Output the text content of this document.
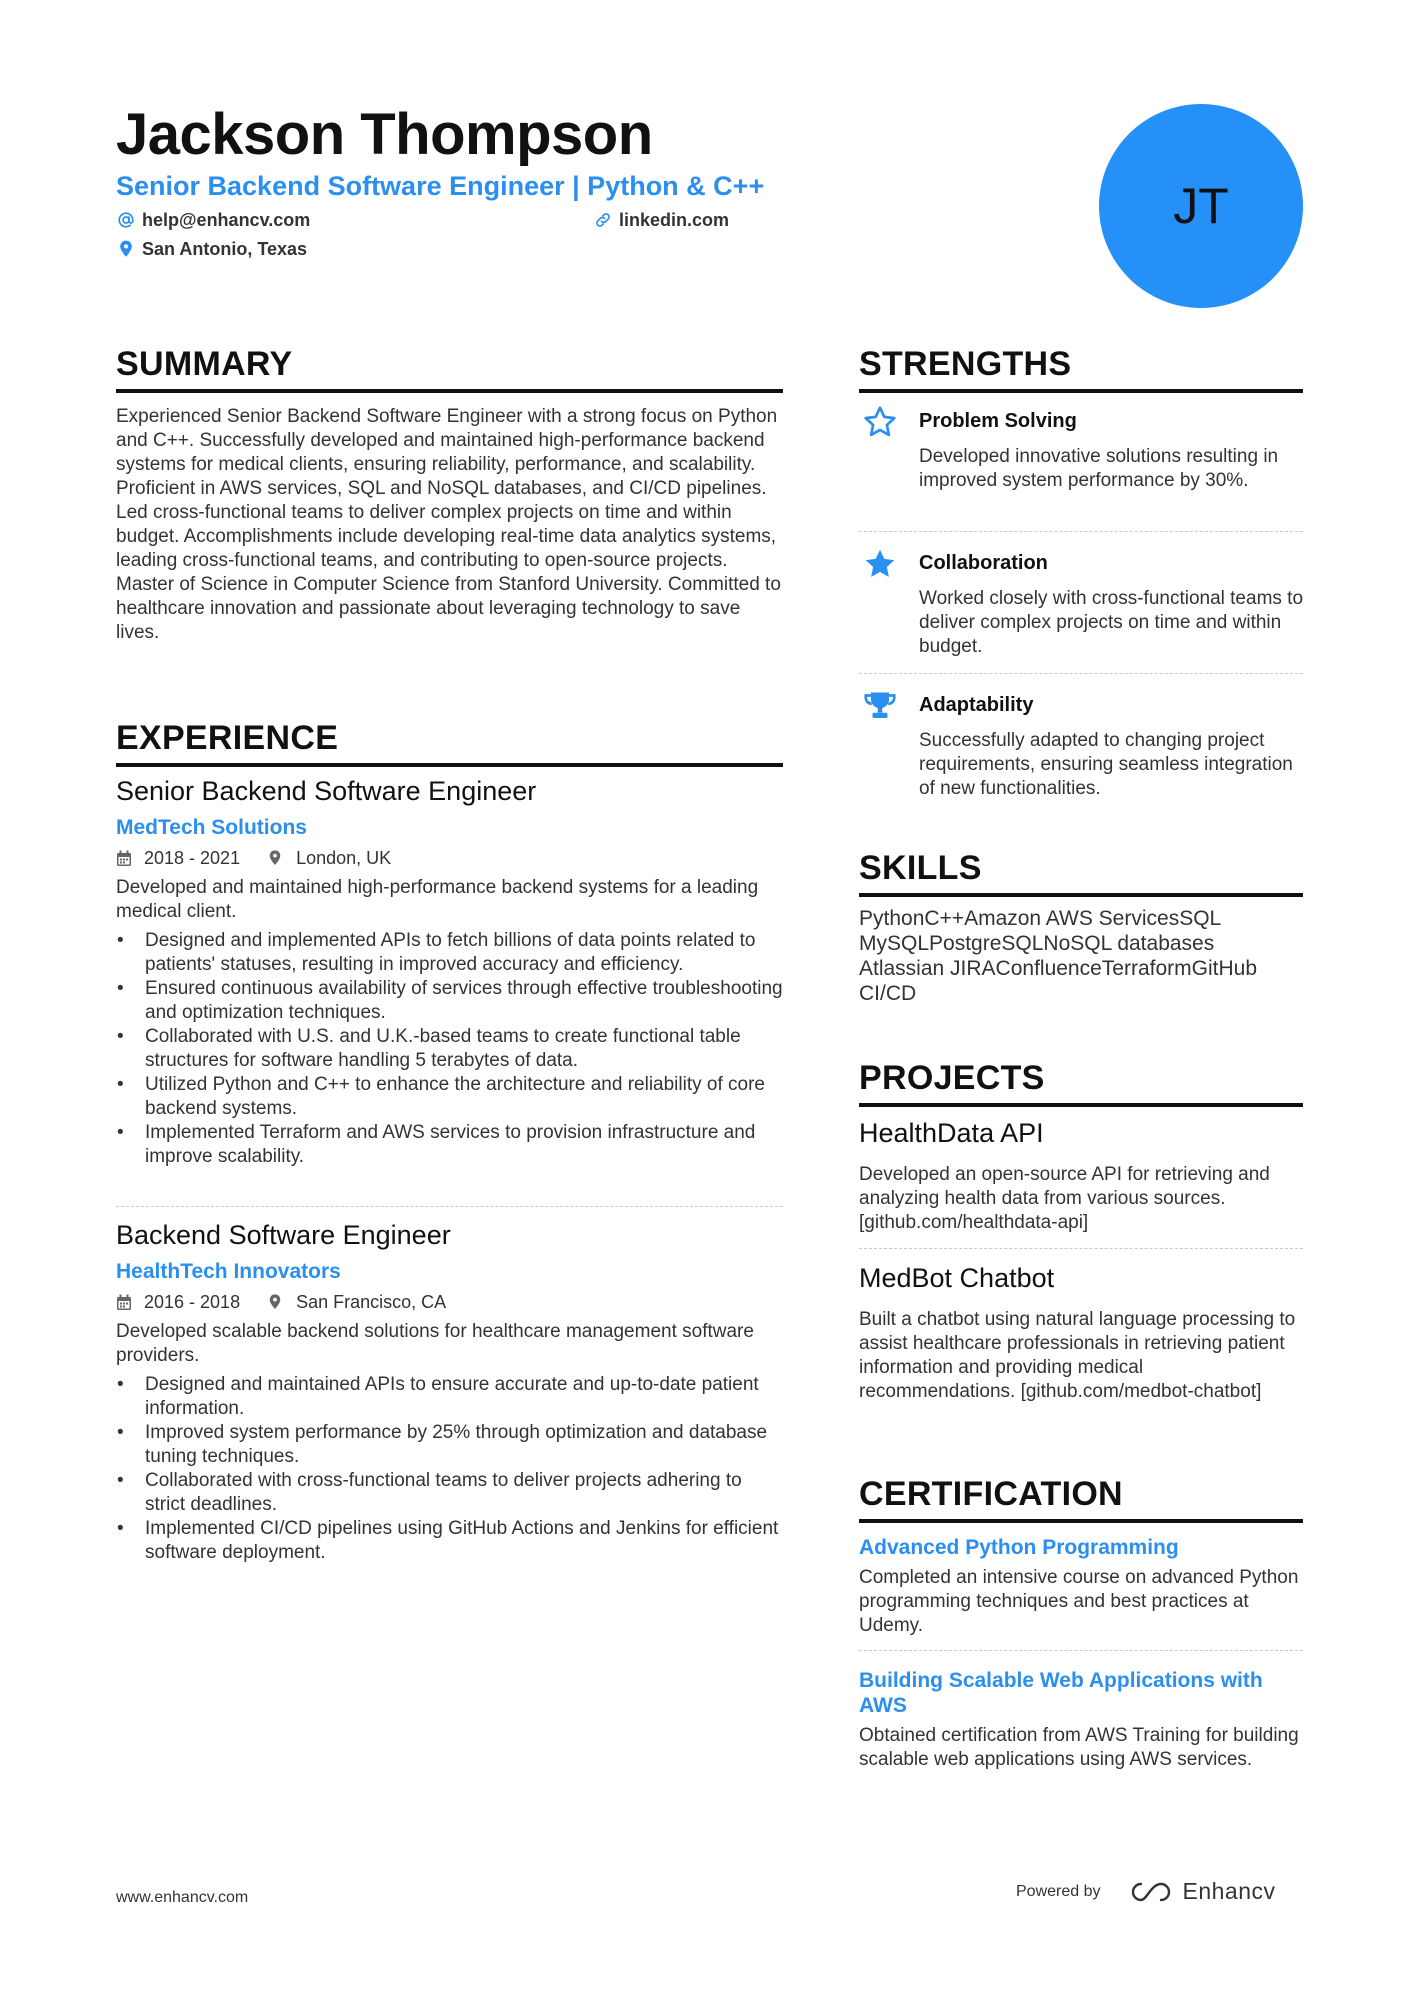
Jackson Thompson
Senior Backend Software Engineer | Python & C++
help@enhancv.com	linkedin.com
San Antonio, Texas
JT
SUMMARY
Experienced Senior Backend Software Engineer with a strong focus on Python and C++. Successfully developed and maintained high-performance backend systems for medical clients, ensuring reliability, performance, and scalability. Proficient in AWS services, SQL and NoSQL databases, and CI/CD pipelines. Led cross-functional teams to deliver complex projects on time and within budget. Accomplishments include developing real-time data analytics systems, leading cross-functional teams, and contributing to open-source projects. Master of Science in Computer Science from Stanford University. Committed to healthcare innovation and passionate about leveraging technology to save lives.
EXPERIENCE
Senior Backend Software Engineer
MedTech Solutions
2018 - 2021	London, UK
Developed and maintained high-performance backend systems for a leading medical client.
• Designed and implemented APIs to fetch billions of data points related to patients' statuses, resulting in improved accuracy and efficiency.
• Ensured continuous availability of services through effective troubleshooting and optimization techniques.
• Collaborated with U.S. and U.K.-based teams to create functional table structures for software handling 5 terabytes of data.
• Utilized Python and C++ to enhance the architecture and reliability of core backend systems.
• Implemented Terraform and AWS services to provision infrastructure and improve scalability.
Backend Software Engineer
HealthTech Innovators
2016 - 2018	San Francisco, CA
Developed scalable backend solutions for healthcare management software providers.
• Designed and maintained APIs to ensure accurate and up-to-date patient information.
• Improved system performance by 25% through optimization and database tuning techniques.
• Collaborated with cross-functional teams to deliver projects adhering to strict deadlines.
• Implemented CI/CD pipelines using GitHub Actions and Jenkins for efficient software deployment.
STRENGTHS
Problem Solving
Developed innovative solutions resulting in improved system performance by 30%.
Collaboration
Worked closely with cross-functional teams to deliver complex projects on time and within budget.
Adaptability
Successfully adapted to changing project requirements, ensuring seamless integration of new functionalities.
SKILLS
PythonC++Amazon AWS ServicesSQL MySQLPostgreSQLNoSQL databases Atlassian JIRAConfluenceTerraformGitHub CI/CD
PROJECTS
HealthData API
Developed an open-source API for retrieving and analyzing health data from various sources. [github.com/healthdata-api]
MedBot Chatbot
Built a chatbot using natural language processing to assist healthcare professionals in retrieving patient information and providing medical recommendations. [github.com/medbot-chatbot]
CERTIFICATION
Advanced Python Programming
Completed an intensive course on advanced Python programming techniques and best practices at Udemy.
Building Scalable Web Applications with AWS
Obtained certification from AWS Training for building scalable web applications using AWS services.
www.enhancv.com	Powered by	Enhancv
